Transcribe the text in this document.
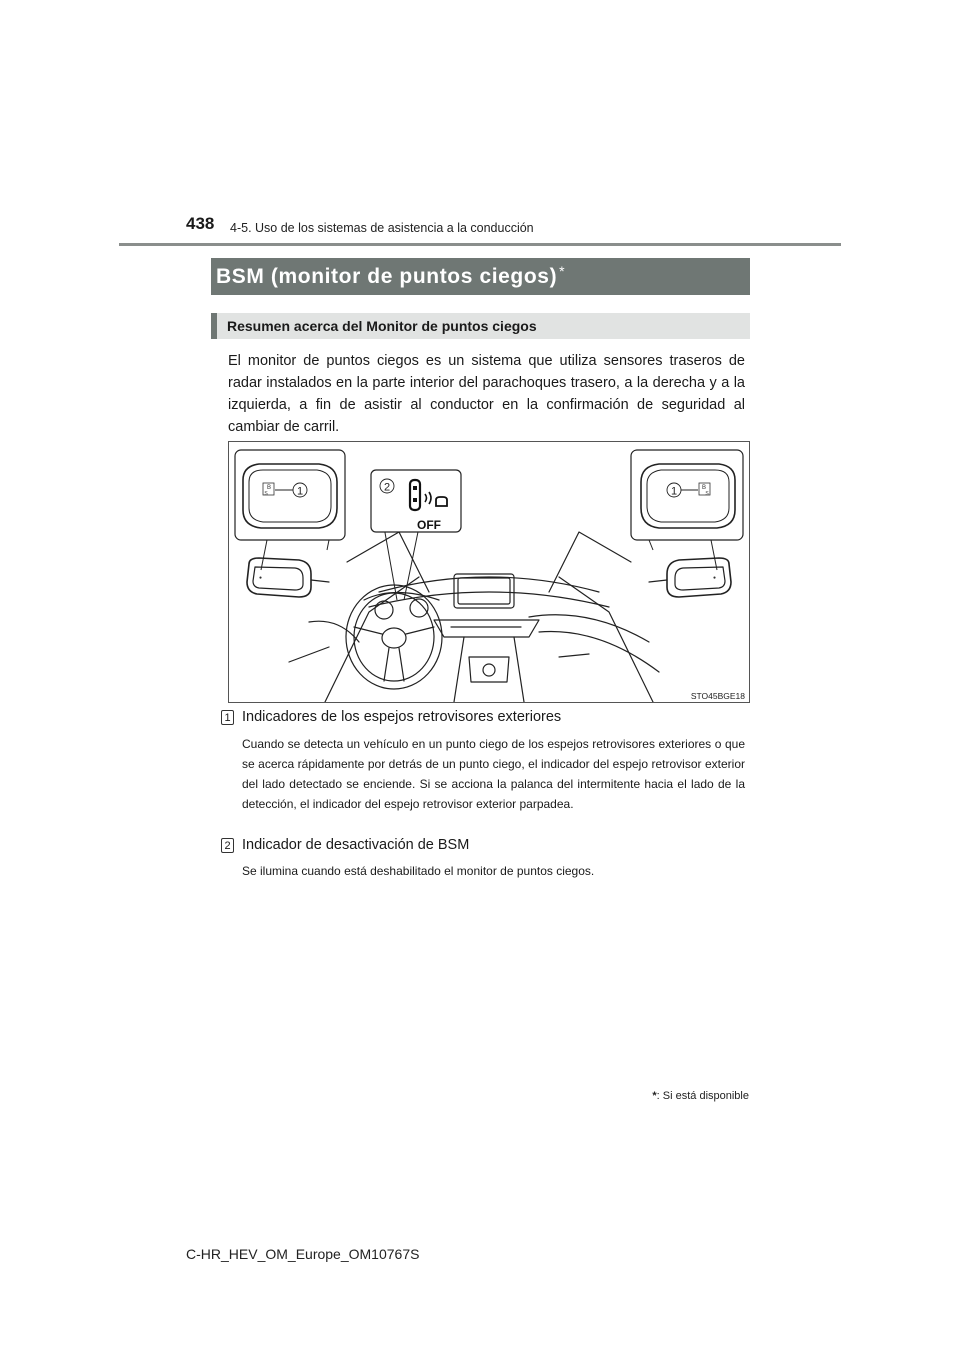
438 4-5. Uso de los sistemas de asistencia a la conducción
BSM (monitor de puntos ciegos) *
Resumen acerca del Monitor de puntos ciegos
El monitor de puntos ciegos es un sistema que utiliza sensores traseros de radar instalados en la parte interior del parachoques trasero, a la derecha y a la izquierda, a fin de asistir al conductor en la confirmación de seguridad al cambiar de carril.
●	●
B
S	1	B
S
1
2
OFF
STO45BGE18
1 Indicadores de los espejos retrovisores exteriores
Cuando se detecta un vehículo en un punto ciego de los espejos retrovisores exteriores o que se acerca rápidamente por detrás de un punto ciego, el indicador del espejo retrovisor exterior del lado detectado se enciende. Si se acciona la palanca del intermitente hacia el lado de la detección, el indicador del espejo retrovisor exterior parpadea.
2 Indicador de desactivación de BSM
Se ilumina cuando está deshabilitado el monitor de puntos ciegos.
*: Si está disponible
C-HR_HEV_OM_Europe_OM10767S
